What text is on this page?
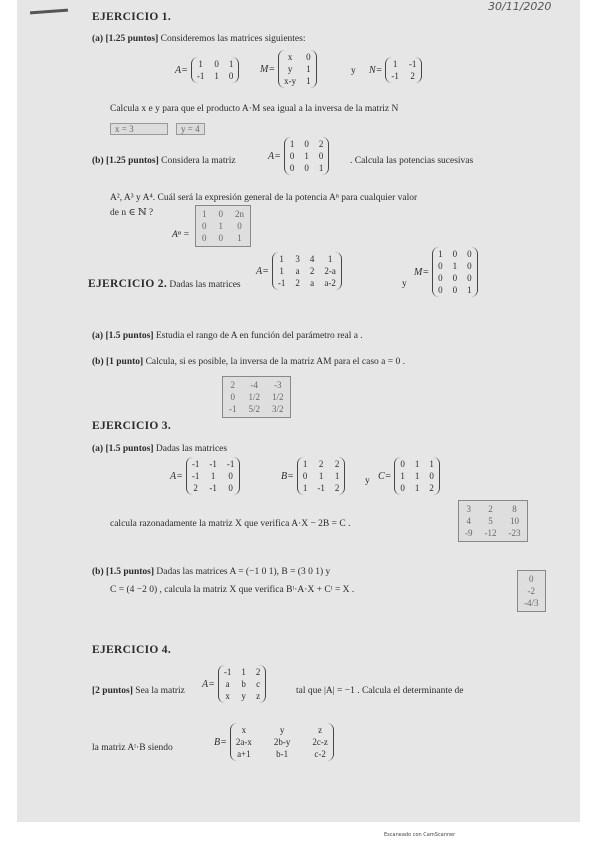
30/11/2020
EJERCICIO 1.
(a) [1.25 puntos] Consideremos las matrices siguientes:
A=
1 0 1
-1 1 0
M=
x	0
y	1
x-y 1
y N=
1 -1
-1 2
Calcula x e y para que el producto A·M sea igual a la inversa de la matriz N
x = 3	y = 4
(b) [1.25 puntos] Considera la matriz	A=
1 0 2
0 1 0
0 0 1
. Calcula las potencias sucesivas
A², A³ y A⁴. Cuál será la expresión general de la potencia Aⁿ para cualquier valor
de n ∈ ℕ ?
Aⁿ =
1 0 2n
0 1 0
0 0 1
EJERCICIO 2. Dadas las matrices
A=
1 3 4	1
1 a 2 2-a
-1 2 a a-2	y
M=
1 0 0
0 1 0
0 0 0
0 0 1
(a) [1.5 puntos] Estudia el rango de A en función del parámetro real a .
(b) [1 punto] Calcula, si es posible, la inversa de la matriz AM para el caso a = 0 .
2 -4 -3
0 1/2 1/2
-1 5/2 3/2
EJERCICIO 3.
(a) [1.5 puntos] Dadas las matrices
A=
-1 -1 -1
-1 1 0
2 -1 0
B=
1 2 2
0 1 1
1 -1 2
y C=
0 1 1
1 1 0
0 1 2
calcula razonadamente la matriz X que verifica A·X − 2B = C .
3	2	8
4	5	10
-9 -12 -23
(b) [1.5 puntos] Dadas las matrices A = (−1 0 1), B = (3 0 1) y
C = (4 −2 0) , calcula la matriz X que verifica Bᵗ·A·X + Cᵗ = X .
0
-2
-4/3
EJERCICIO 4.
[2 puntos] Sea la matriz
A=
-1 1 2
a b c
x y z	tal que |A| = −1 . Calcula el determinante de
la matriz Aᵗ·B siendo
B=
x	y	z
2a-x 2b-y 2c-z
a+1	b-1	c-2
Escaneado con CamScanner
